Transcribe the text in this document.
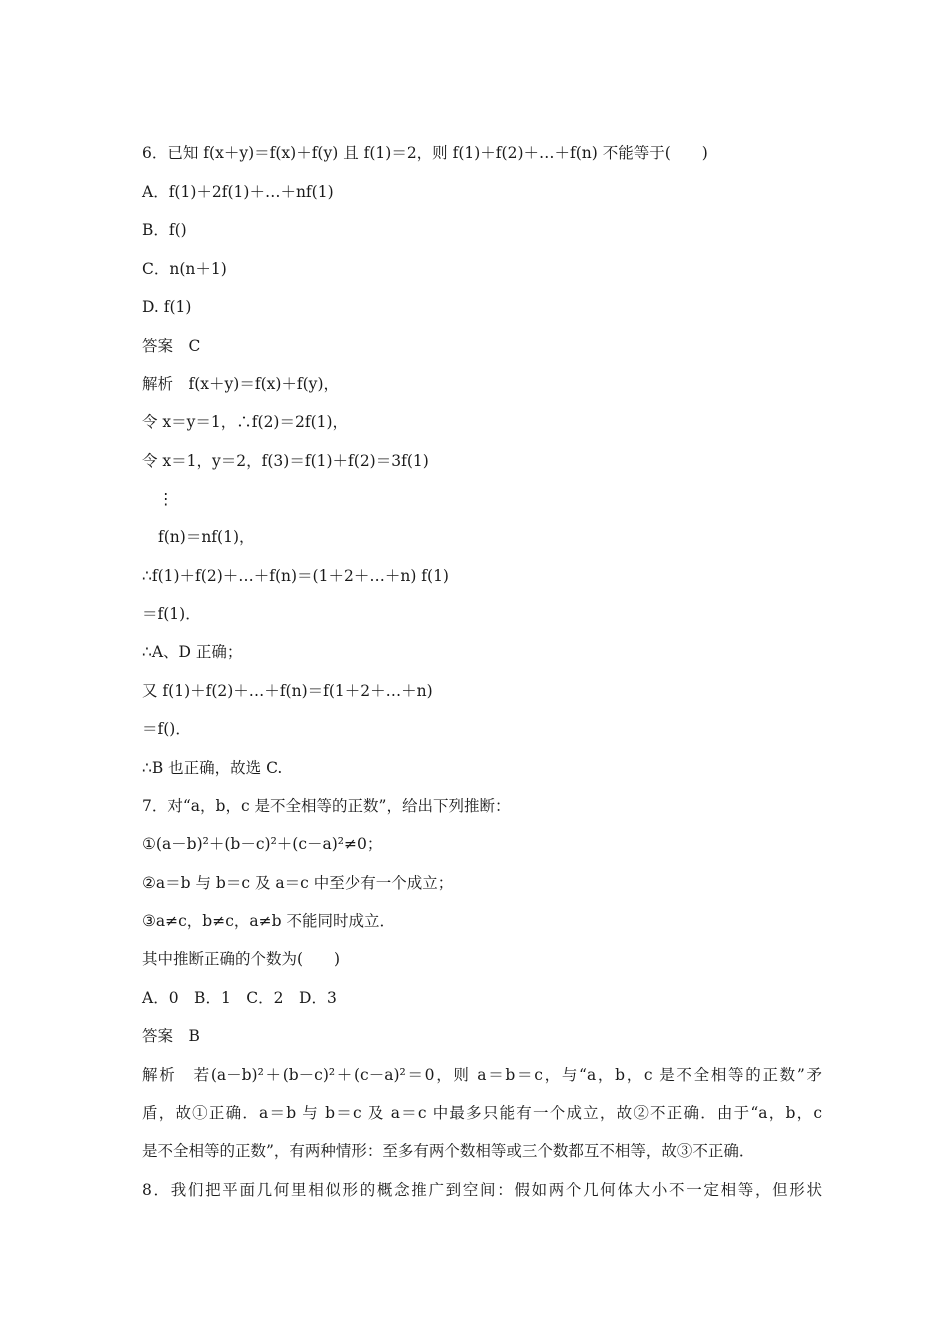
6．已知 f(x＋y)＝f(x)＋f(y) 且 f(1)＝2，则 f(1)＋f(2)＋…＋f(n) 不能等于(　　)
A．f(1)＋2f(1)＋…＋nf(1)
B．f()
C．n(n＋1)
D. f(1)
答案　C
解析　f(x＋y)＝f(x)＋f(y)，
令 x＝y＝1，∴f(2)＝2f(1)，
令 x＝1，y＝2，f(3)＝f(1)＋f(2)＝3f(1)
⋮
f(n)＝nf(1)，
∴f(1)＋f(2)＋…＋f(n)＝(1＋2＋…＋n) f(1)
＝f(1)．
∴A、D 正确；
又 f(1)＋f(2)＋…＋f(n)＝f(1＋2＋…＋n)
＝f()．
∴B 也正确，故选 C.
7．对“a，b，c 是不全相等的正数”，给出下列推断：
①(a－b)²＋(b－c)²＋(c－a)²≠0；
②a＝b 与 b＝c 及 a＝c 中至少有一个成立；
③a≠c，b≠c，a≠b 不能同时成立．
其中推断正确的个数为(　　)
A．0　B．1　C．2　D．3
答案　B
解析　若(a－b)²＋(b－c)²＋(c－a)²＝0，则 a＝b＝c，与“a，b，c 是不全相等的正数”矛
盾，故①正确．a＝b 与 b＝c 及 a＝c 中最多只能有一个成立，故②不正确．由于“a，b，c
是不全相等的正数”，有两种情形：至多有两个数相等或三个数都互不相等，故③不正确．
8．我们把平面几何里相似形的概念推广到空间：假如两个几何体大小不一定相等，但形状
